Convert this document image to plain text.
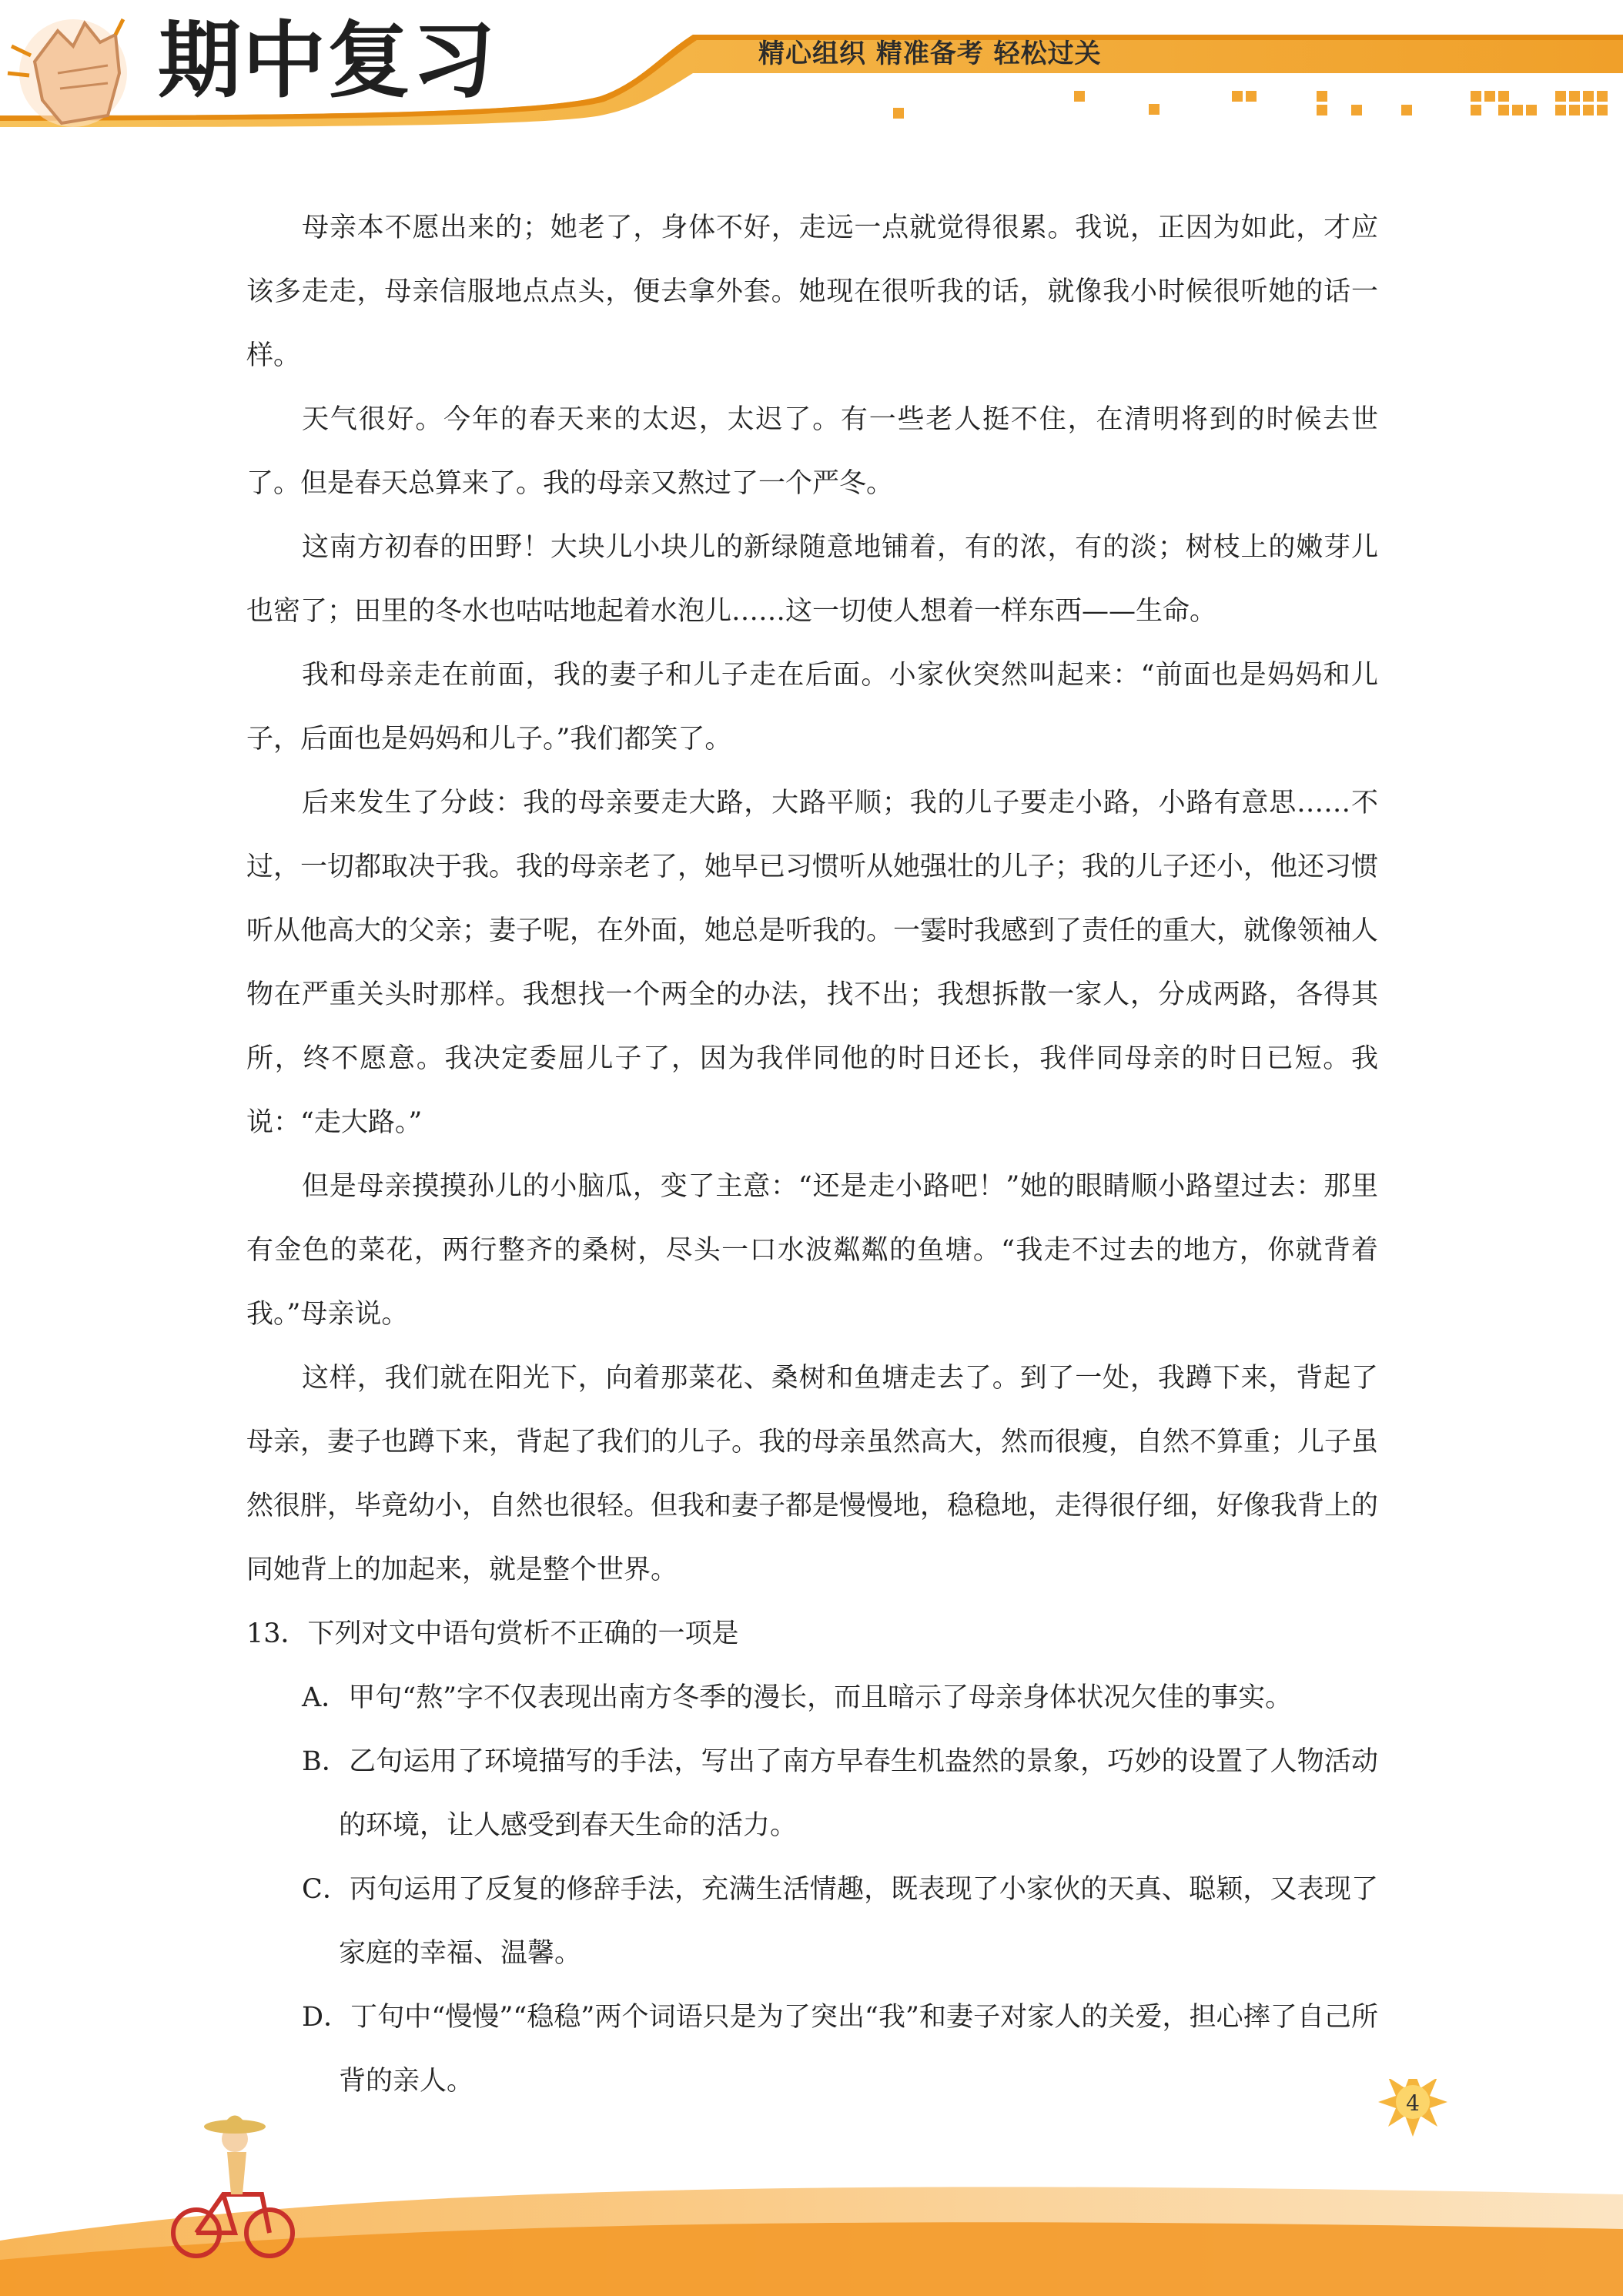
期中复习	精心组织 精准备考 轻松过关

母亲本不愿出来的；她老了，身体不好，走远一点就觉得很累。我说，正因为如此，才应该多走走，母亲信服地点点头，便去拿外套。她现在很听我的话，就像我小时候很听她的话一样。

天气很好。今年的春天来的太迟，太迟了。有一些老人挺不住，在清明将到的时候去世了。但是春天总算来了。我的母亲又熬过了一个严冬。

这南方初春的田野！大块儿小块儿的新绿随意地铺着，有的浓，有的淡；树枝上的嫩芽儿也密了；田里的冬水也咕咕地起着水泡儿……这一切使人想着一样东西——生命。

我和母亲走在前面，我的妻子和儿子走在后面。小家伙突然叫起来：“前面也是妈妈和儿子，后面也是妈妈和儿子。”我们都笑了。

后来发生了分歧：我的母亲要走大路，大路平顺；我的儿子要走小路，小路有意思……不过，一切都取决于我。我的母亲老了，她早已习惯听从她强壮的儿子；我的儿子还小，他还习惯听从他高大的父亲；妻子呢，在外面，她总是听我的。一霎时我感到了责任的重大，就像领袖人物在严重关头时那样。我想找一个两全的办法，找不出；我想拆散一家人，分成两路，各得其所，终不愿意。我决定委屈儿子了，因为我伴同他的时日还长，我伴同母亲的时日已短。我说：“走大路。”

但是母亲摸摸孙儿的小脑瓜，变了主意：“还是走小路吧！”她的眼睛顺小路望过去：那里有金色的菜花，两行整齐的桑树，尽头一口水波粼粼的鱼塘。“我走不过去的地方，你就背着我。”母亲说。

这样，我们就在阳光下，向着那菜花、桑树和鱼塘走去了。到了一处，我蹲下来，背起了母亲，妻子也蹲下来，背起了我们的儿子。我的母亲虽然高大，然而很瘦，自然不算重；儿子虽然很胖，毕竟幼小，自然也很轻。但我和妻子都是慢慢地，稳稳地，走得很仔细，好像我背上的同她背上的加起来，就是整个世界。

13．下列对文中语句赏析不正确的一项是
A．甲句“熬”字不仅表现出南方冬季的漫长，而且暗示了母亲身体状况欠佳的事实。
B．乙句运用了环境描写的手法，写出了南方早春生机盎然的景象，巧妙的设置了人物活动的环境，让人感受到春天生命的活力。
C．丙句运用了反复的修辞手法，充满生活情趣，既表现了小家伙的天真、聪颖，又表现了家庭的幸福、温馨。
D．丁句中“慢慢”“稳稳”两个词语只是为了突出“我”和妻子对家人的关爱，担心摔了自己所背的亲人。
4
